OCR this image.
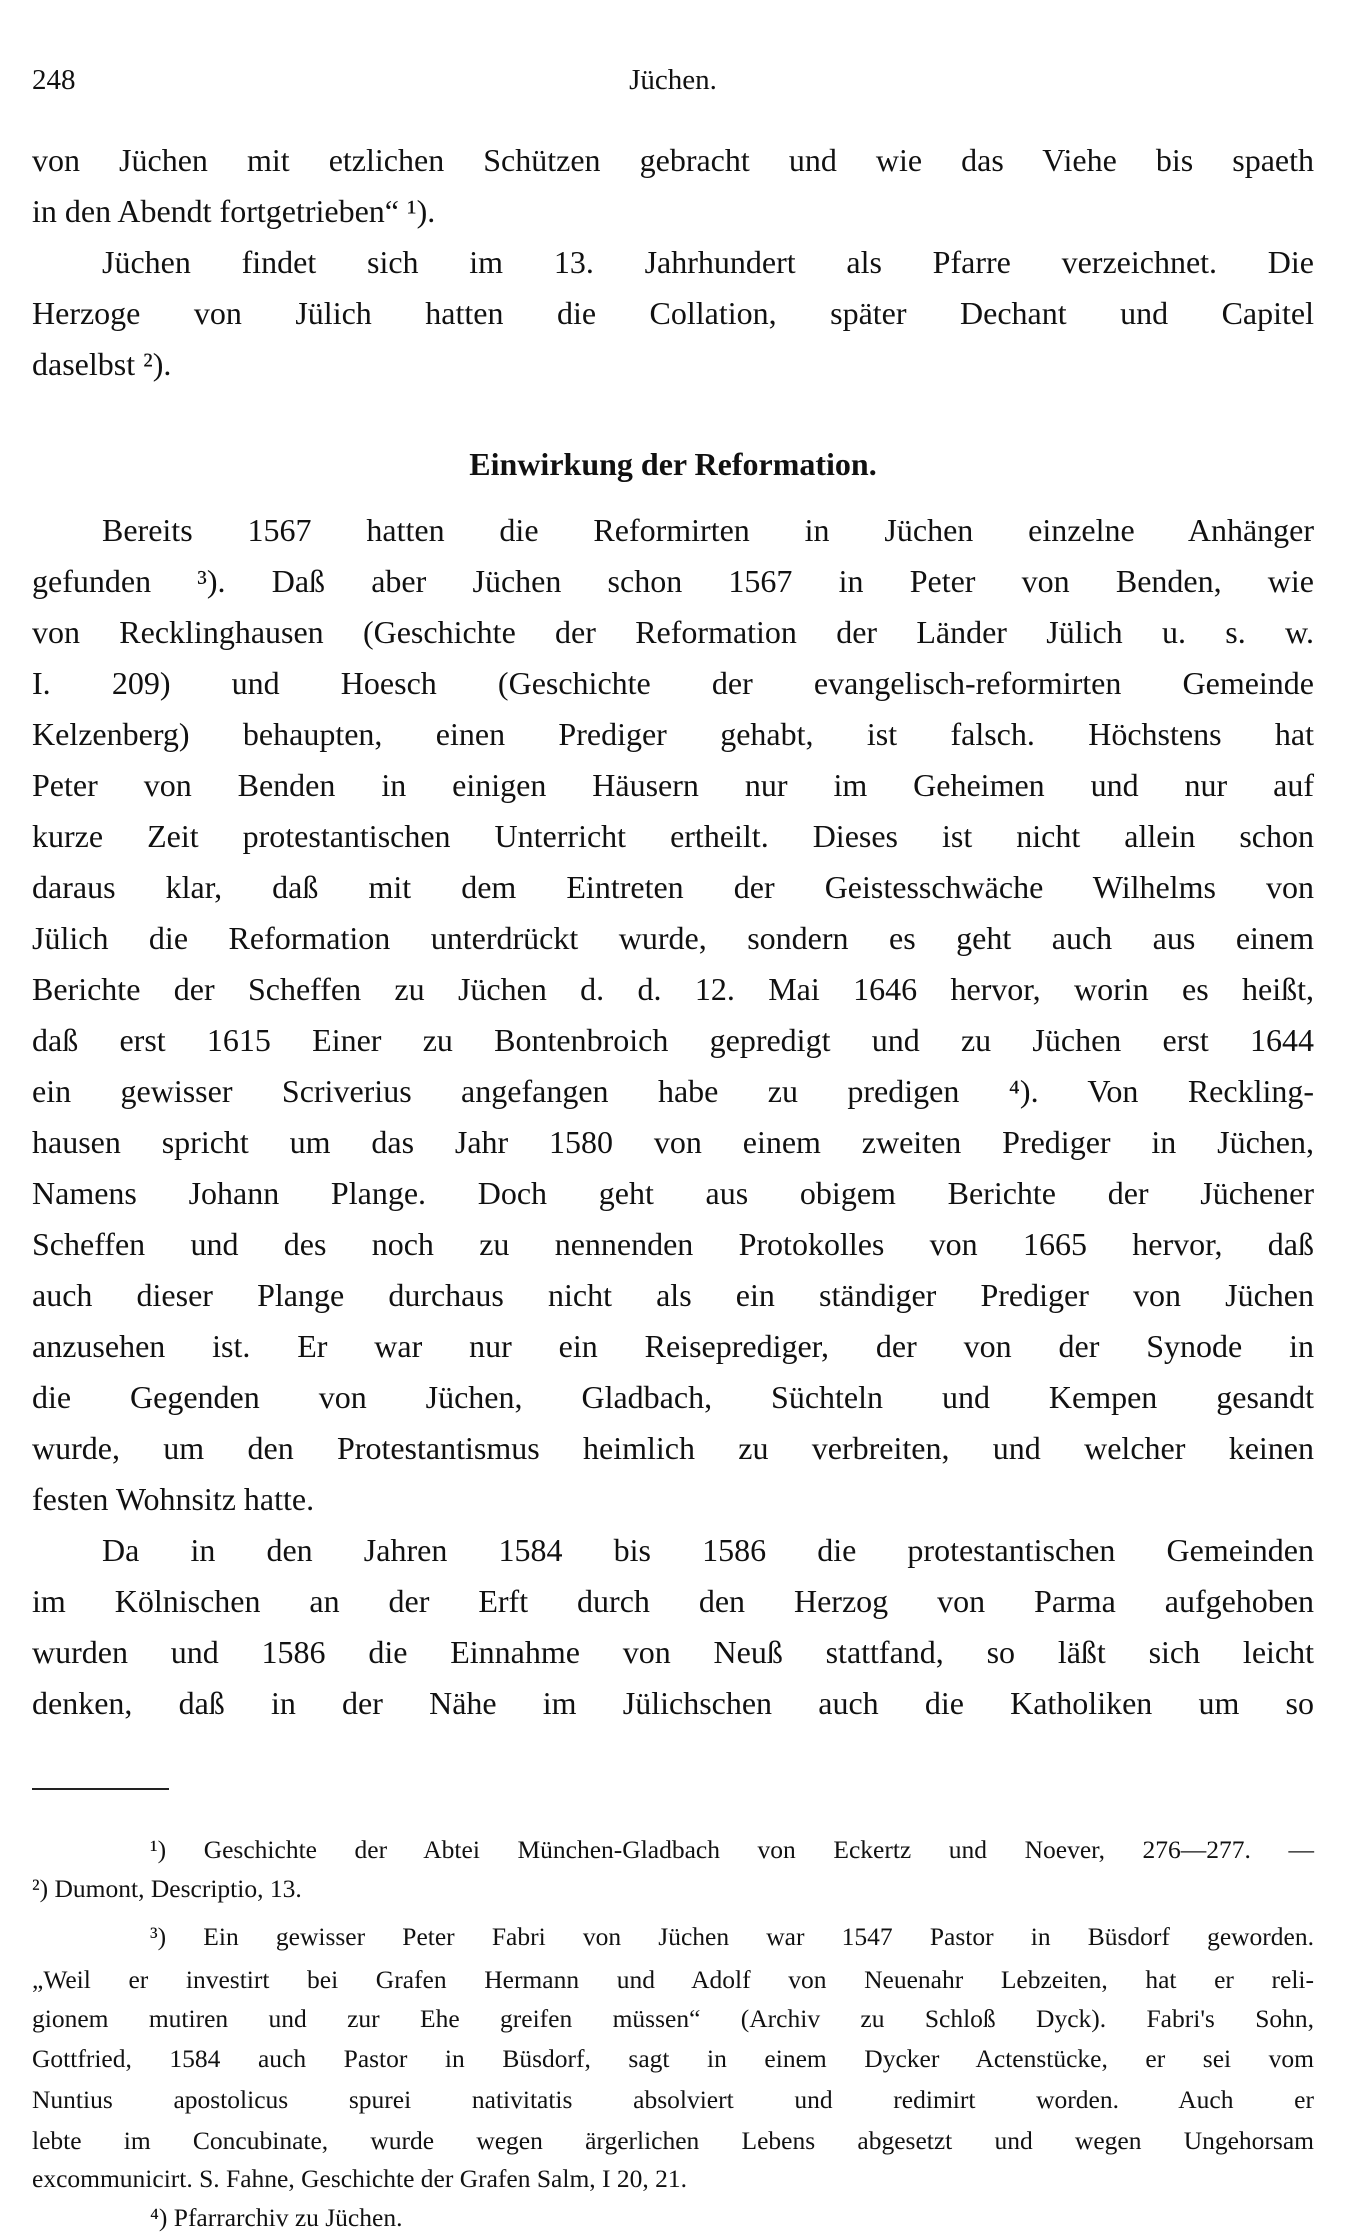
248	Jüchen.
von Jüchen mit etzlichen Schützen gebracht und wie das Viehe bis spaeth
in den Abendt fortgetrieben“ ¹).
Jüchen findet sich im 13. Jahrhundert als Pfarre verzeichnet. Die
Herzoge von Jülich hatten die Collation, später Dechant und Capitel
daselbst ²).
Bereits 1567 hatten die Reformirten in Jüchen einzelne Anhänger
gefunden ³). Daß aber Jüchen schon 1567 in Peter von Benden, wie
von Recklinghausen (Geschichte der Reformation der Länder Jülich u. s. w.
I. 209) und Hoesch (Geschichte der evangelisch-reformirten Gemeinde
Kelzenberg) behaupten, einen Prediger gehabt, ist falsch. Höchstens hat
Peter von Benden in einigen Häusern nur im Geheimen und nur auf
kurze Zeit protestantischen Unterricht ertheilt. Dieses ist nicht allein schon
daraus klar, daß mit dem Eintreten der Geistesschwäche Wilhelms von
Jülich die Reformation unterdrückt wurde, sondern es geht auch aus einem
Berichte der Scheffen zu Jüchen d. d. 12. Mai 1646 hervor, worin es heißt,
daß erst 1615 Einer zu Bontenbroich gepredigt und zu Jüchen erst 1644
ein gewisser Scriverius angefangen habe zu predigen ⁴). Von Reckling-
hausen spricht um das Jahr 1580 von einem zweiten Prediger in Jüchen,
Namens Johann Plange. Doch geht aus obigem Berichte der Jüchener
Scheffen und des noch zu nennenden Protokolles von 1665 hervor, daß
auch dieser Plange durchaus nicht als ein ständiger Prediger von Jüchen
anzusehen ist. Er war nur ein Reiseprediger, der von der Synode in
die Gegenden von Jüchen, Gladbach, Süchteln und Kempen gesandt
wurde, um den Protestantismus heimlich zu verbreiten, und welcher keinen
festen Wohnsitz hatte.
Da in den Jahren 1584 bis 1586 die protestantischen Gemeinden
im Kölnischen an der Erft durch den Herzog von Parma aufgehoben
wurden und 1586 die Einnahme von Neuß stattfand, so läßt sich leicht
denken, daß in der Nähe im Jülichschen auch die Katholiken um so
Einwirkung der Reformation.
¹) Geschichte der Abtei München-Gladbach von Eckertz und Noever, 276—277. —
²) Dumont, Descriptio, 13.
³) Ein gewisser Peter Fabri von Jüchen war 1547 Pastor in Büsdorf geworden.
„Weil er investirt bei Grafen Hermann und Adolf von Neuenahr Lebzeiten, hat er reli-
gionem mutiren und zur Ehe greifen müssen“ (Archiv zu Schloß Dyck). Fabri's Sohn,
Gottfried, 1584 auch Pastor in Büsdorf, sagt in einem Dycker Actenstücke, er sei vom
Nuntius apostolicus spurei nativitatis absolviert und redimirt worden. Auch er
lebte im Concubinate, wurde wegen ärgerlichen Lebens abgesetzt und wegen Ungehorsam
excommunicirt. S. Fahne, Geschichte der Grafen Salm, I 20, 21.
⁴) Pfarrarchiv zu Jüchen.
